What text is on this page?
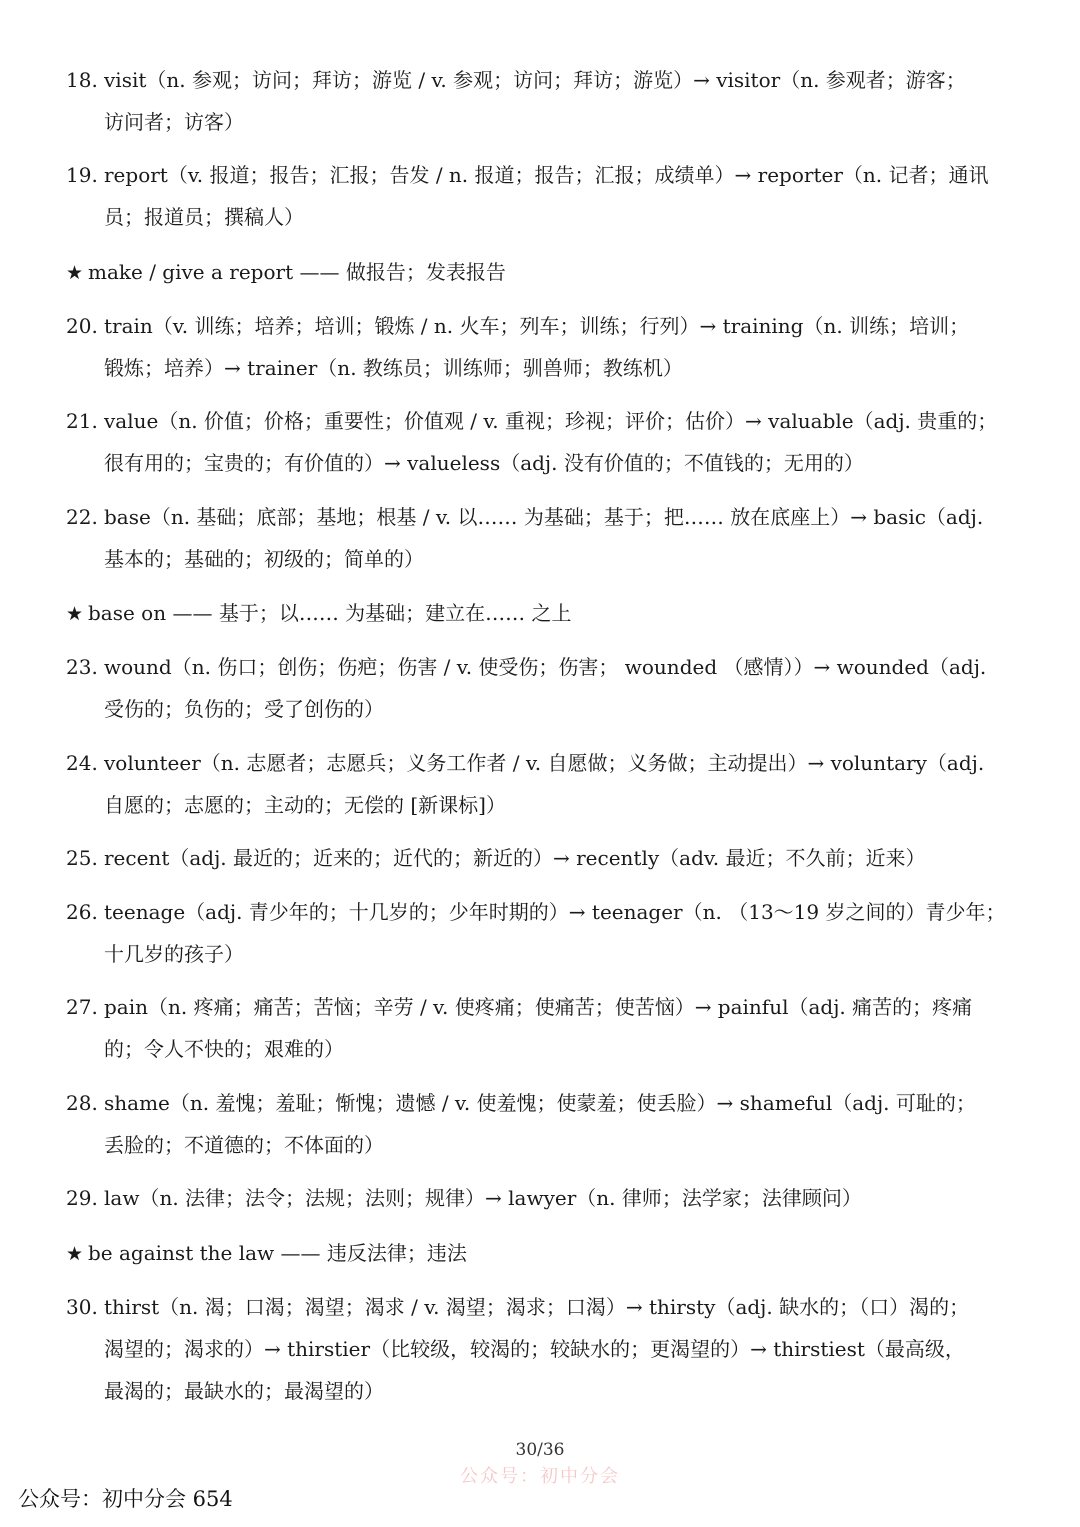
18. visit（n. 参观；访问；拜访；游览 / v. 参观；访问；拜访；游览）→ visitor（n. 参观者；游客；
访问者；访客）
19. report（v. 报道；报告；汇报；告发 / n. 报道；报告；汇报；成绩单）→ reporter（n. 记者；通讯
员；报道员；撰稿人）
★ make / give a report —— 做报告；发表报告
20. train（v. 训练；培养；培训；锻炼 / n. 火车；列车；训练；行列）→ training（n. 训练；培训；
锻炼；培养）→ trainer（n. 教练员；训练师；驯兽师；教练机）
21. value（n. 价值；价格；重要性；价值观 / v. 重视；珍视；评价；估价）→ valuable（adj. 贵重的；
很有用的；宝贵的；有价值的）→ valueless（adj. 没有价值的；不值钱的；无用的）
22. base（n. 基础；底部；基地；根基 / v. 以…… 为基础；基于；把…… 放在底座上）→ basic（adj.
基本的；基础的；初级的；简单的）
★ base on —— 基于；以…… 为基础；建立在…… 之上
23. wound（n. 伤口；创伤；伤疤；伤害 / v. 使受伤；伤害； wounded （感情））→ wounded（adj.
受伤的；负伤的；受了创伤的）
24. volunteer（n. 志愿者；志愿兵；义务工作者 / v. 自愿做；义务做；主动提出）→ voluntary（adj.
自愿的；志愿的；主动的；无偿的 [新课标]）
25. recent（adj. 最近的；近来的；近代的；新近的）→ recently（adv. 最近；不久前；近来）
26. teenage（adj. 青少年的；十几岁的；少年时期的）→ teenager（n. （13～19 岁之间的）青少年；
十几岁的孩子）
27. pain（n. 疼痛；痛苦；苦恼；辛劳 / v. 使疼痛；使痛苦；使苦恼）→ painful（adj. 痛苦的；疼痛
的；令人不快的；艰难的）
28. shame（n. 羞愧；羞耻；惭愧；遗憾 / v. 使羞愧；使蒙羞；使丢脸）→ shameful（adj. 可耻的；
丢脸的；不道德的；不体面的）
29. law（n. 法律；法令；法规；法则；规律）→ lawyer（n. 律师；法学家；法律顾问）
★ be against the law —— 违反法律；违法
30. thirst（n. 渴；口渴；渴望；渴求 / v. 渴望；渴求；口渴）→ thirsty（adj. 缺水的；（口）渴的；
渴望的；渴求的）→ thirstier（比较级，较渴的；较缺水的；更渴望的）→ thirstiest（最高级，
最渴的；最缺水的；最渴望的）
30/36
公众号：初中分会
公众号：初中分会 654
